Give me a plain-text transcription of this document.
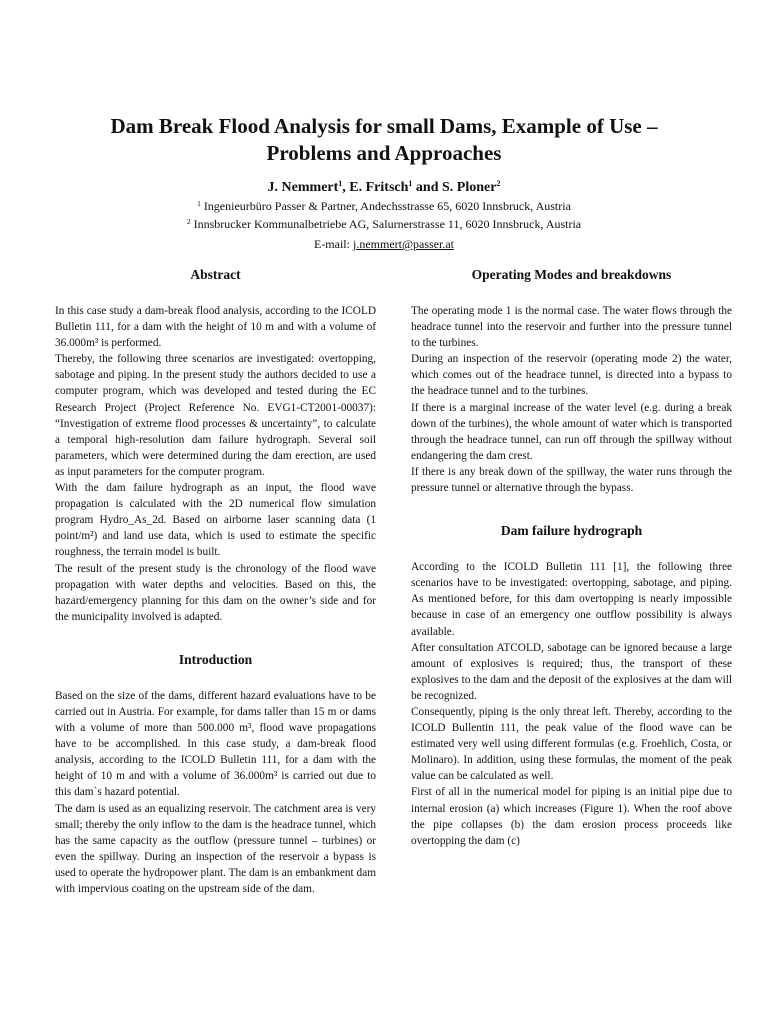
Dam Break Flood Analysis for small Dams, Example of Use – Problems and Approaches
J. Nemmert$^1$, E. Fritsch$^1$ and S. Ploner$^2$
$^1$ Ingenieurbüro Passer & Partner, Andechsstrasse 65, 6020 Innsbruck, Austria
$^2$ Innsbrucker Kommunalbetriebe AG, Salurnerstrasse 11, 6020 Innsbruck, Austria
E-mail: j.nemmert@passer.at
Abstract

In this case study a dam-break flood analysis, according to the ICOLD Bulletin 111, for a dam with the height of 10 m and with a volume of 36.000m³ is performed.

Thereby, the following three scenarios are investigated: overtopping, sabotage and piping. In the present study the authors decided to use a computer program, which was developed and tested during the EC Research Project (Project Reference No. EVG1-CT2001-00037): “Investigation of extreme flood processes & uncertainty”, to calculate a temporal high-resolution dam failure hydrograph. Several soil parameters, which were determined during the dam erection, are used as input parameters for the computer program.

With the dam failure hydrograph as an input, the flood wave propagation is calculated with the 2D numerical flow simulation program Hydro_As_2d. Based on airborne laser scanning data (1 point/m²) and land use data, which is used to estimate the specific roughness, the terrain model is built.

The result of the present study is the chronology of the flood wave propagation with water depths and velocities. Based on this, the hazard/emergency planning for this dam on the owner’s side and for the municipality involved is adapted.

Introduction

Based on the size of the dams, different hazard evaluations have to be carried out in Austria. For example, for dams taller than 15 m or dams with a volume of more than 500.000 m³, flood wave propagations have to be accomplished. In this case study, a dam-break flood analysis, according to the ICOLD Bulletin 111, for a dam with the height of 10 m and with a volume of 36.000m³ is carried out due to this dam`s hazard potential.

The dam is used as an equalizing reservoir. The catchment area is very small; thereby the only inflow to the dam is the headrace tunnel, which has the same capacity as the outflow (pressure tunnel – turbines) or even the spillway. During an inspection of the reservoir a bypass is used to operate the hydropower plant. The dam is an embankment dam with impervious coating on the upstream side of the dam.

Operating Modes and breakdowns

The operating mode 1 is the normal case. The water flows through the headrace tunnel into the reservoir and further into the pressure tunnel to the turbines.

During an inspection of the reservoir (operating mode 2) the water, which comes out of the headrace tunnel, is directed into a bypass to the headrace tunnel and to the turbines.

If there is a marginal increase of the water level (e.g. during a break down of the turbines), the whole amount of water which is transported through the headrace tunnel, can run off through the spillway without endangering the dam crest.

If there is any break down of the spillway, the water runs through the pressure tunnel or alternative through the bypass.

Dam failure hydrograph

According to the ICOLD Bulletin 111 [1], the following three scenarios have to be investigated: overtopping, sabotage, and piping. As mentioned before, for this dam overtopping is nearly impossible because in case of an emergency one outflow possibility is always available.

After consultation ATCOLD, sabotage can be ignored because a large amount of explosives is required; thus, the transport of these explosives to the dam and the deposit of the explosives at the dam will be recognized.

Consequently, piping is the only threat left. Thereby, according to the ICOLD Bullentin 111, the peak value of the flood wave can be estimated very well using different formulas (e.g. Froehlich, Costa, or Molinaro). In addition, using these formulas, the moment of the peak value can be calculated as well.

First of all in the numerical model for piping is an initial pipe due to internal erosion (a) which increases (Figure 1). When the roof above the pipe collapses (b) the dam erosion process proceeds like overtopping the dam (c)
